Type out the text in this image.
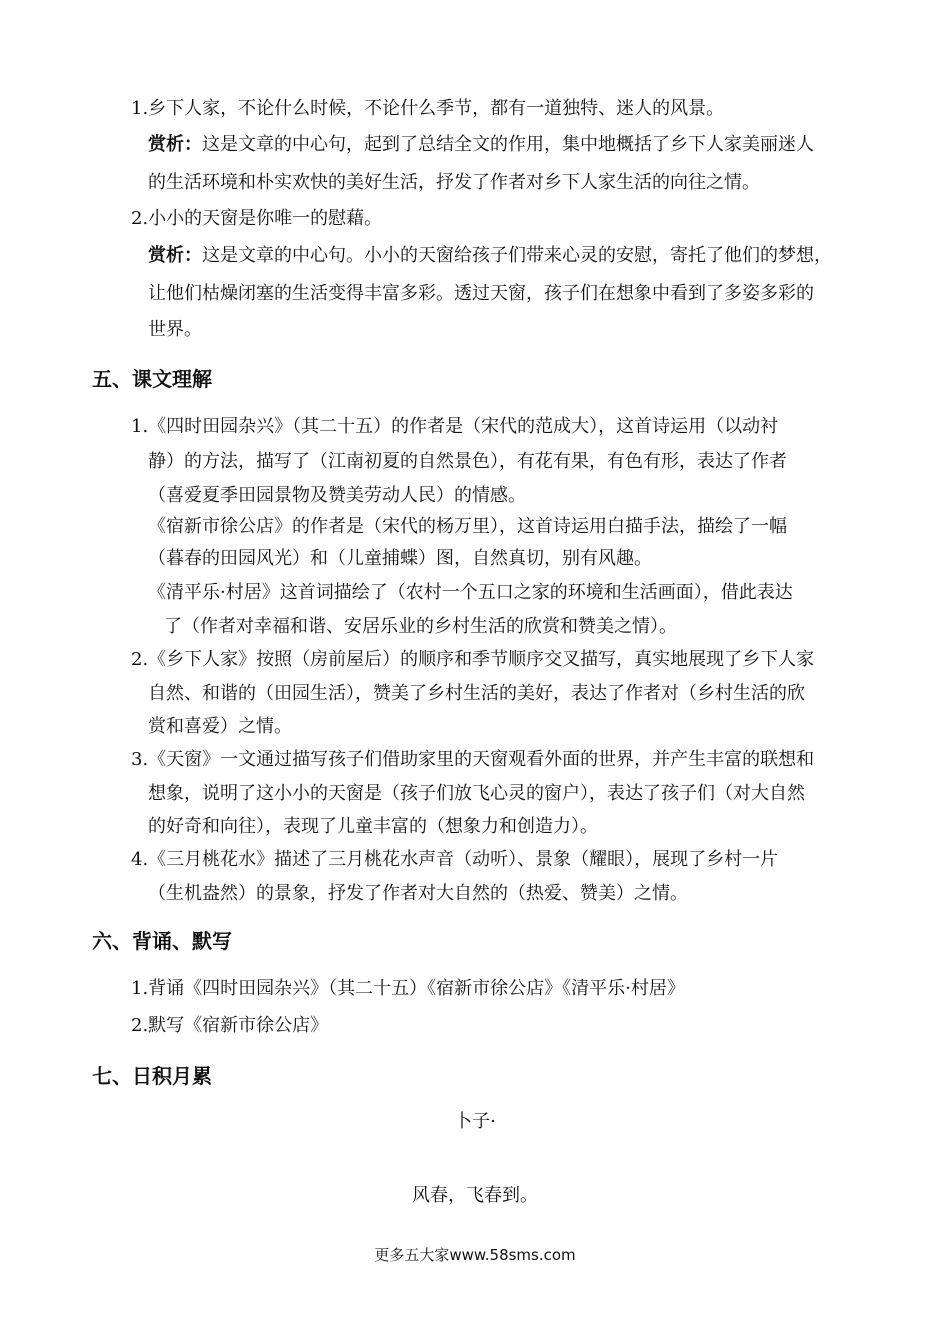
1.乡下人家，不论什么时候，不论什么季节，都有一道独特、迷人的风景。
赏析：这是文章的中心句，起到了总结全文的作用，集中地概括了乡下人家美丽迷人
的生活环境和朴实欢快的美好生活，抒发了作者对乡下人家生活的向往之情。
2.小小的天窗是你唯一的慰藉。
赏析：这是文章的中心句。小小的天窗给孩子们带来心灵的安慰，寄托了他们的梦想，
让他们枯燥闭塞的生活变得丰富多彩。透过天窗，孩子们在想象中看到了多姿多彩的
世界。
五、课文理解
1.《四时田园杂兴》（其二十五）的作者是（宋代的范成大），这首诗运用（以动衬
静）的方法，描写了（江南初夏的自然景色），有花有果，有色有形，表达了作者
（喜爱夏季田园景物及赞美劳动人民）的情感。
《宿新市徐公店》的作者是（宋代的杨万里），这首诗运用白描手法，描绘了一幅
（暮春的田园风光）和（儿童捕蝶）图，自然真切，别有风趣。
《清平乐·村居》这首词描绘了（农村一个五口之家的环境和生活画面），借此表达
了（作者对幸福和谐、安居乐业的乡村生活的欣赏和赞美之情）。
2.《乡下人家》按照（房前屋后）的顺序和季节顺序交叉描写，真实地展现了乡下人家
自然、和谐的（田园生活），赞美了乡村生活的美好，表达了作者对（乡村生活的欣
赏和喜爱）之情。
3.《天窗》一文通过描写孩子们借助家里的天窗观看外面的世界，并产生丰富的联想和
想象，说明了这小小的天窗是（孩子们放飞心灵的窗户），表达了孩子们（对大自然
的好奇和向往），表现了儿童丰富的（想象力和创造力）。
4.《三月桃花水》描述了三月桃花水声音（动听）、景象（耀眼），展现了乡村一片
（生机盎然）的景象，抒发了作者对大自然的（热爱、赞美）之情。
六、背诵、默写
1.背诵《四时田园杂兴》（其二十五）《宿新市徐公店》《清平乐·村居》
2.默写《宿新市徐公店》
七、日积月累
卜子·
风春，飞春到。
更多五大家www.58sms.com
